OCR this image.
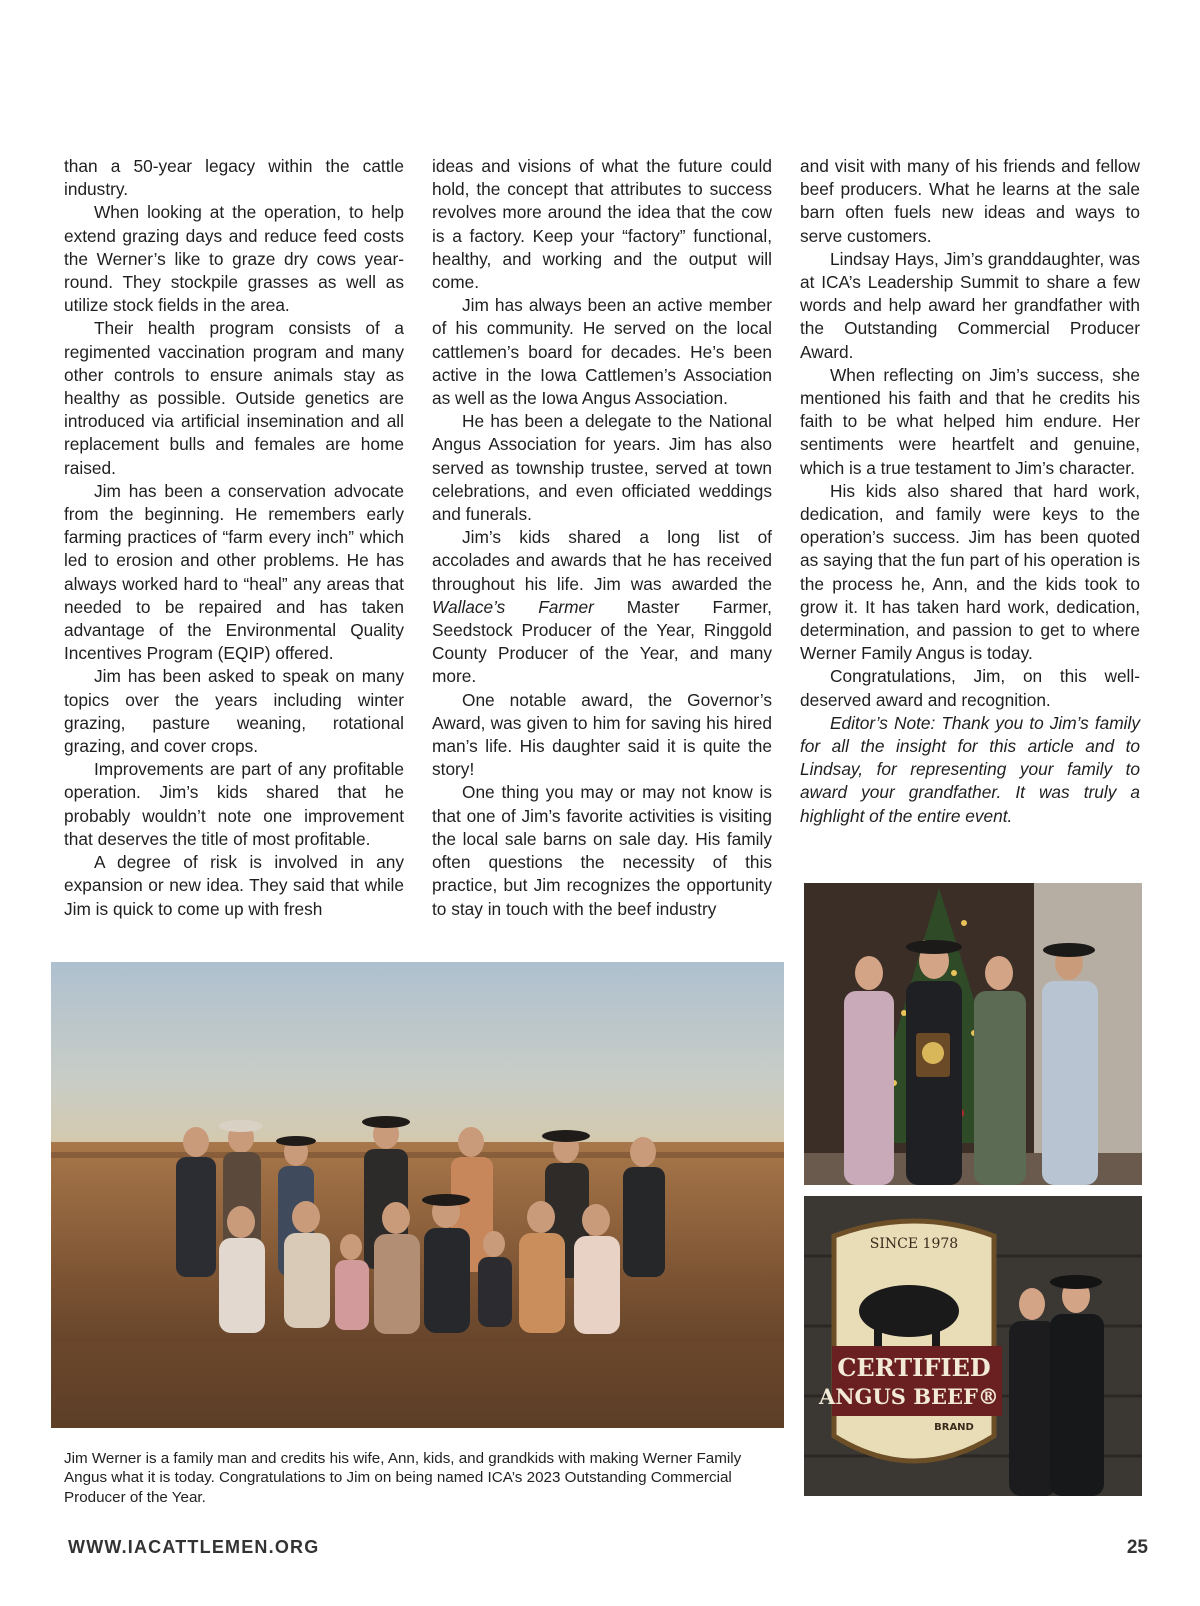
than a 50-year legacy within the cattle industry.

When looking at the operation, to help extend grazing days and reduce feed costs the Werner’s like to graze dry cows year-round. They stockpile grasses as well as utilize stock fields in the area.

Their health program consists of a regimented vaccination program and many other controls to ensure animals stay as healthy as possible. Outside genetics are introduced via artificial insemination and all replacement bulls and females are home raised.

Jim has been a conservation advocate from the beginning. He remembers early farming practices of “farm every inch” which led to erosion and other problems. He has always worked hard to “heal” any areas that needed to be repaired and has taken advantage of the Environmental Quality Incentives Program (EQIP) offered.

Jim has been asked to speak on many topics over the years including winter grazing, pasture weaning, rotational grazing, and cover crops.

Improvements are part of any profitable operation. Jim’s kids shared that he probably wouldn’t note one improvement that deserves the title of most profitable.

A degree of risk is involved in any expansion or new idea. They said that while Jim is quick to come up with fresh

ideas and visions of what the future could hold, the concept that attributes to success revolves more around the idea that the cow is a factory. Keep your “factory” functional, healthy, and working and the output will come.

Jim has always been an active member of his community. He served on the local cattlemen’s board for decades. He’s been active in the Iowa Cattlemen’s Association as well as the Iowa Angus Association.

He has been a delegate to the National Angus Association for years. Jim has also served as township trustee, served at town celebrations, and even officiated weddings and funerals.

Jim’s kids shared a long list of accolades and awards that he has received throughout his life. Jim was awarded the Wallace’s Farmer Master Farmer, Seedstock Producer of the Year, Ringgold County Producer of the Year, and many more.

One notable award, the Governor’s Award, was given to him for saving his hired man’s life. His daughter said it is quite the story!

One thing you may or may not know is that one of Jim’s favorite activities is visiting the local sale barns on sale day. His family often questions the necessity of this practice, but Jim recognizes the opportunity to stay in touch with the beef industry

and visit with many of his friends and fellow beef producers. What he learns at the sale barn often fuels new ideas and ways to serve customers.

Lindsay Hays, Jim’s granddaughter, was at ICA’s Leadership Summit to share a few words and help award her grandfather with the Outstanding Commercial Producer Award.

When reflecting on Jim’s success, she mentioned his faith and that he credits his faith to be what helped him endure. Her sentiments were heartfelt and genuine, which is a true testament to Jim’s character.

His kids also shared that hard work, dedication, and family were keys to the operation’s success. Jim has been quoted as saying that the fun part of his operation is the process he, Ann, and the kids took to grow it. It has taken hard work, dedication, determination, and passion to get to where Werner Family Angus is today.

Congratulations, Jim, on this well-deserved award and recognition.

Editor’s Note: Thank you to Jim’s family for all the insight for this article and to Lindsay, for representing your family to award your grandfather. It was truly a highlight of the entire event.

SINCE 1978
CERTIFIED
ANGUS BEEF®
BRAND
Jim Werner is a family man and credits his wife, Ann, kids, and grandkids with making Werner Family Angus what it is today. Congratulations to Jim on being named ICA’s 2023 Outstanding Commercial Producer of the Year.
WWW.IACATTLEMEN.ORG	25
